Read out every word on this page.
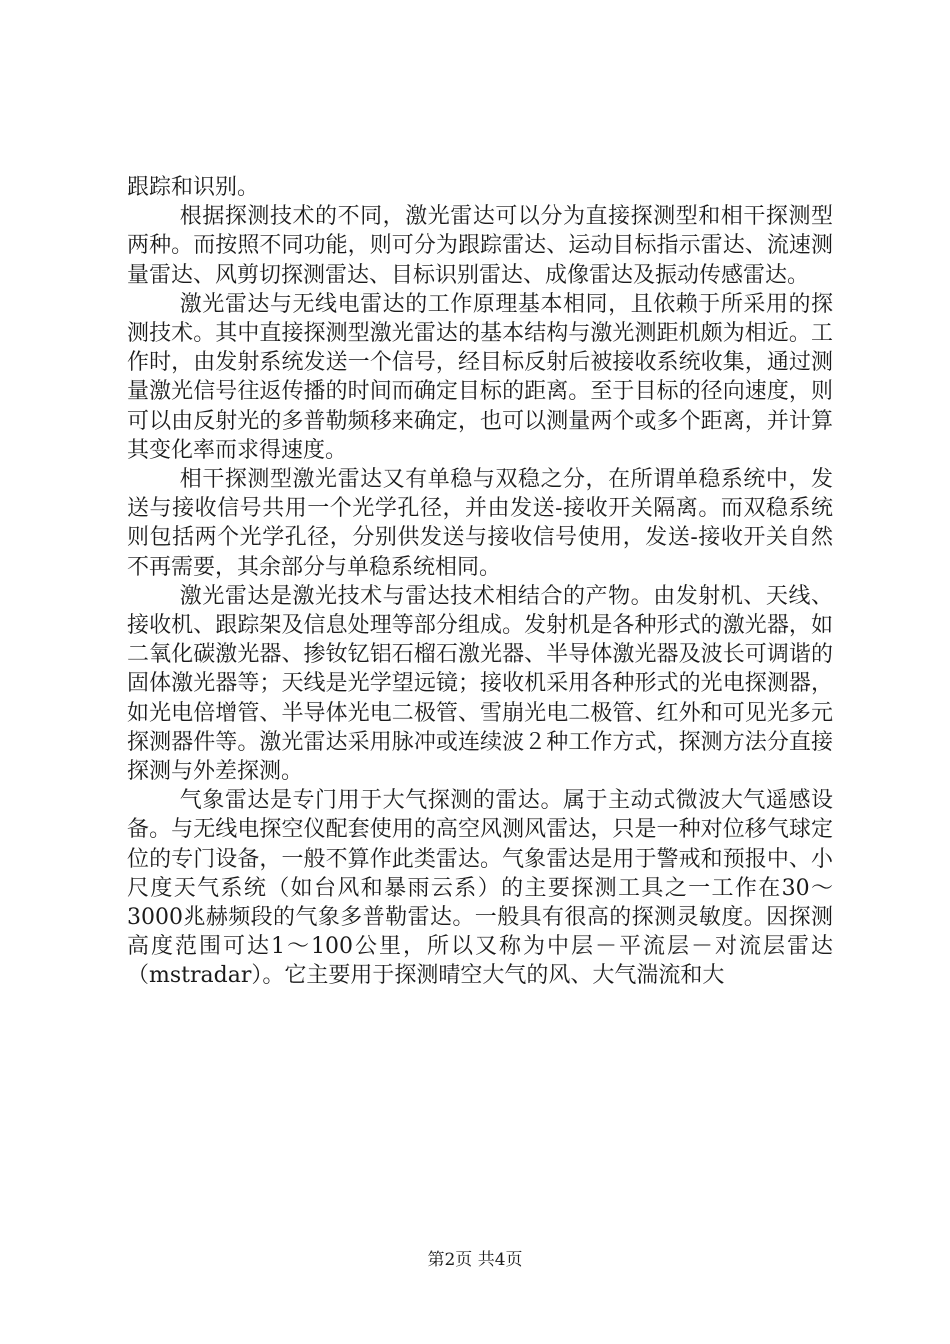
跟踪和识别。

根据探测技术的不同，激光雷达可以分为直接探测型和相干探测型两种。而按照不同功能，则可分为跟踪雷达、运动目标指示雷达、流速测量雷达、风剪切探测雷达、目标识别雷达、成像雷达及振动传感雷达。

激光雷达与无线电雷达的工作原理基本相同，且依赖于所采用的探测技术。其中直接探测型激光雷达的基本结构与激光测距机颇为相近。工作时，由发射系统发送一个信号，经目标反射后被接收系统收集，通过测量激光信号往返传播的时间而确定目标的距离。至于目标的径向速度，则可以由反射光的多普勒频移来确定，也可以测量两个或多个距离，并计算其变化率而求得速度。

相干探测型激光雷达又有单稳与双稳之分，在所谓单稳系统中，发送与接收信号共用一个光学孔径，并由发送-接收开关隔离。而双稳系统则包括两个光学孔径，分别供发送与接收信号使用，发送-接收开关自然不再需要，其余部分与单稳系统相同。

激光雷达是激光技术与雷达技术相结合的产物。由发射机、天线、接收机、跟踪架及信息处理等部分组成。发射机是各种形式的激光器，如二氧化碳激光器、掺钕钇铝石榴石激光器、半导体激光器及波长可调谐的固体激光器等；天线是光学望远镜；接收机采用各种形式的光电探测器，如光电倍增管、半导体光电二极管、雪崩光电二极管、红外和可见光多元探测器件等。激光雷达采用脉冲或连续波２种工作方式，探测方法分直接探测与外差探测。

气象雷达是专门用于大气探测的雷达。属于主动式微波大气遥感设备。与无线电探空仪配套使用的高空风测风雷达，只是一种对位移气球定位的专门设备，一般不算作此类雷达。气象雷达是用于警戒和预报中、小尺度天气系统（如台风和暴雨云系）的主要探测工具之一工作在30～3000兆赫频段的气象多普勒雷达。一般具有很高的探测灵敏度。因探测高度范围可达1～100公里，所以又称为中层－平流层－对流层雷达（mstradar）。它主要用于探测晴空大气的风、大气湍流和大

第2页 共4页
